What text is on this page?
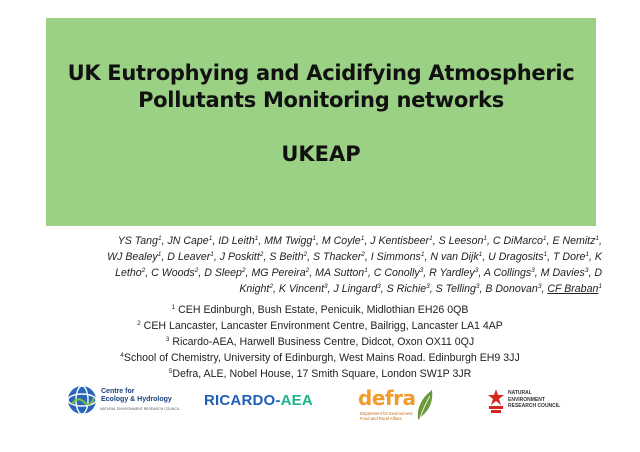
UK Eutrophying and Acidifying Atmospheric
Pollutants Monitoring networks
UKEAP
YS Tang$^1$, JN Cape$^1$, ID Leith$^1$, MM Twigg$^1$, M Coyle$^1$, J Kentisbeer$^1$, S Leeson$^1$, C DiMarco$^1$, E Nemitz$^1$,
WJ Bealey$^1$, D Leaver$^1$, J Poskitt$^2$, S Beith$^2$, S Thacker$^2$, I Simmons$^1$, N van Dijk$^1$, U Dragosits$^1$, T Dore$^1$, K
Letho$^2$, C Woods$^2$, D Sleep$^2$, MG Pereira$^2$, MA Sutton$^1$, C Conolly$^3$, R Yardley$^3$, A Collings$^3$, M Davies$^3$, D
Knight$^2$, K Vincent$^3$, J Lingard$^3$, S Richie$^3$, S Telling$^3$, B Donovan$^3$, CF Braban$^1$
$^1$ CEH Edinburgh, Bush Estate, Penicuik, Midlothian EH26 0QB
$^2$ CEH Lancaster, Lancaster Environment Centre, Bailrigg, Lancaster LA1 4AP
$^3$ Ricardo-AEA, Harwell Business Centre, Didcot, Oxon OX11 0QJ
$^4$School of Chemistry, University of Edinburgh, West Mains Road. Edinburgh EH9 3JJ
$^5$Defra, ALE, Nobel House, 17 Smith Square, London SW1P 3JR
Centre for
Ecology & Hydrology
NATURAL ENVIRONMENT RESEARCH COUNCIL RICARDO-AEA defra
Department for Environment Food and Rural Affairs
NATURAL
ENVIRONMENT
RESEARCH COUNCIL
